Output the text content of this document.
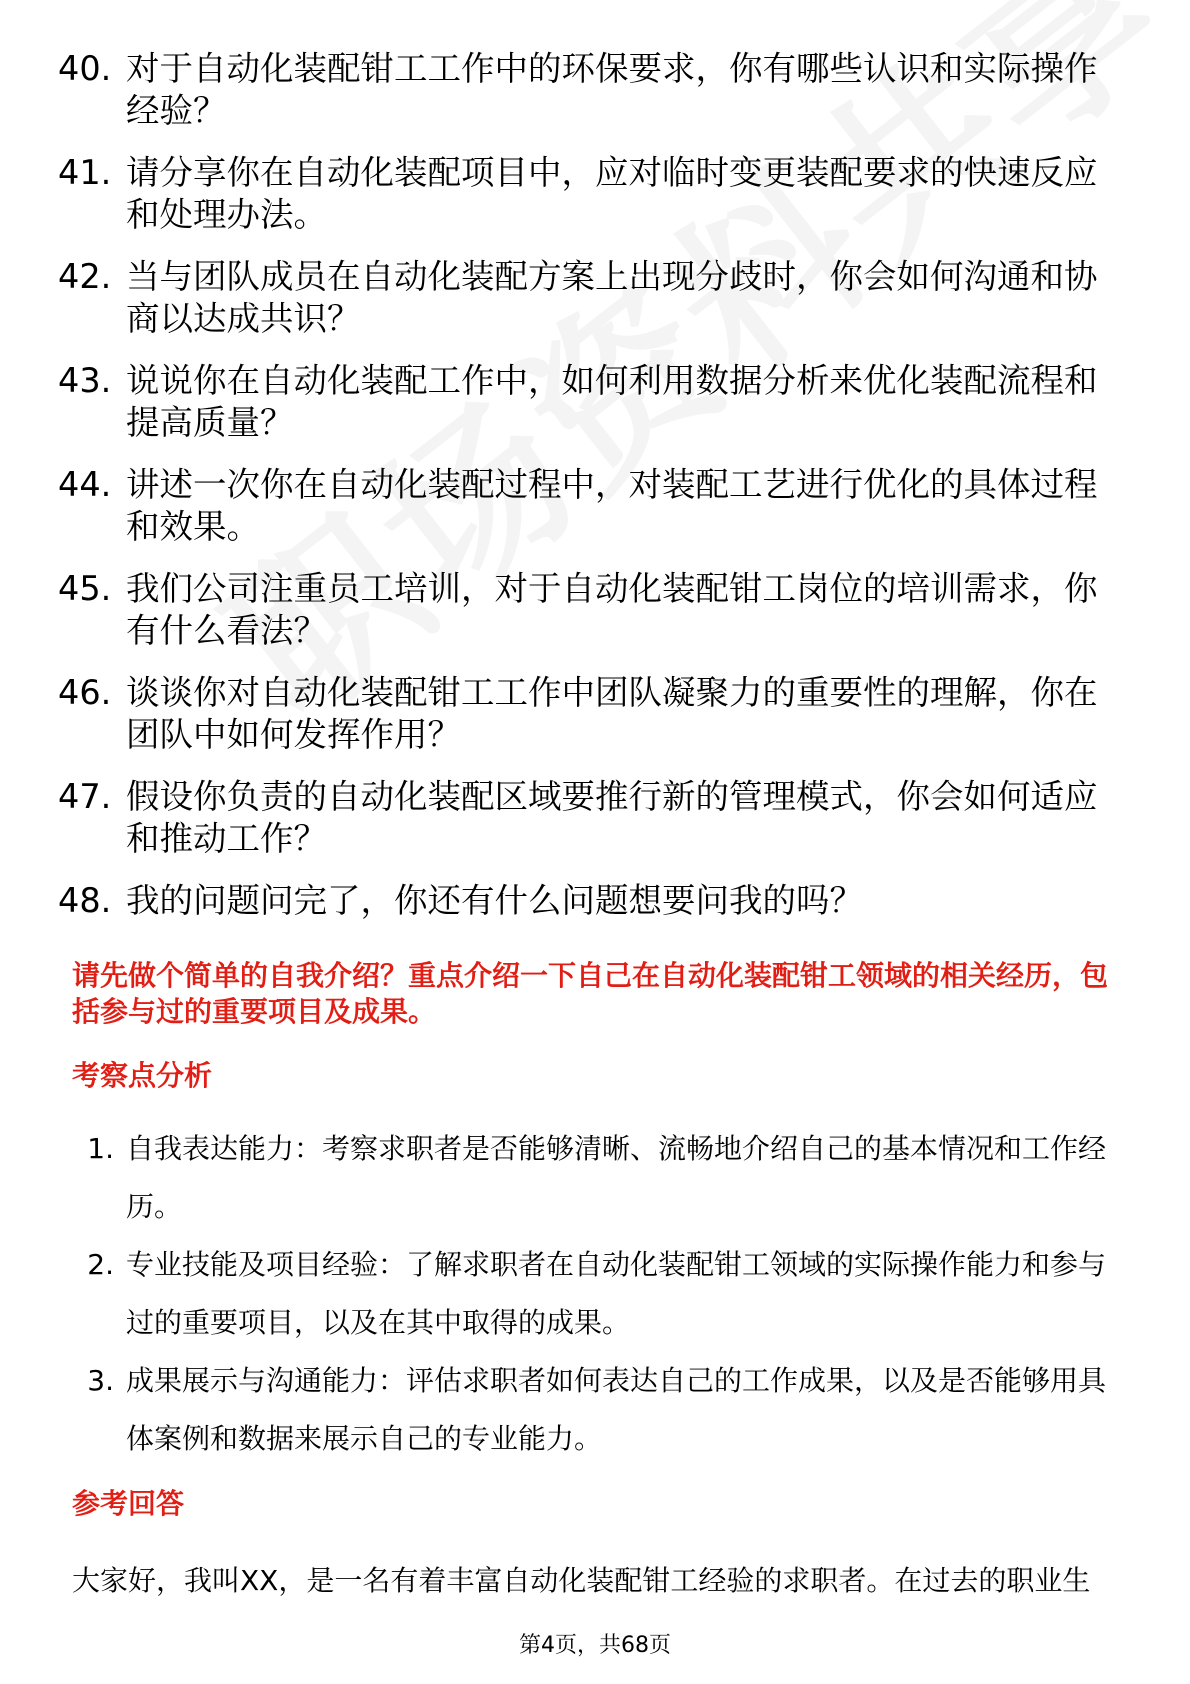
40. 对于自动化装配钳工工作中的环保要求，你有哪些认识和实际操作经验？
41. 请分享你在自动化装配项目中，应对临时变更装配要求的快速反应和处理办法。
42. 当与团队成员在自动化装配方案上出现分歧时，你会如何沟通和协商以达成共识？
43. 说说你在自动化装配工作中，如何利用数据分析来优化装配流程和提高质量？
44. 讲述一次你在自动化装配过程中，对装配工艺进行优化的具体过程和效果。
45. 我们公司注重员工培训，对于自动化装配钳工岗位的培训需求，你有什么看法？
46. 谈谈你对自动化装配钳工工作中团队凝聚力的重要性的理解，你在团队中如何发挥作用？
47. 假设你负责的自动化装配区域要推行新的管理模式，你会如何适应和推动工作？
48. 我的问题问完了，你还有什么问题想要问我的吗？
请先做个简单的自我介绍？重点介绍一下自己在自动化装配钳工领域的相关经历，包括参与过的重要项目及成果。
考察点分析
1. 自我表达能力：考察求职者是否能够清晰、流畅地介绍自己的基本情况和工作经历。
2. 专业技能及项目经验：了解求职者在自动化装配钳工领域的实际操作能力和参与过的重要项目，以及在其中取得的成果。
3. 成果展示与沟通能力：评估求职者如何表达自己的工作成果，以及是否能够用具体案例和数据来展示自己的专业能力。
参考回答
大家好，我叫XX，是一名有着丰富自动化装配钳工经验的求职者。在过去的职业生
第4页，共68页
